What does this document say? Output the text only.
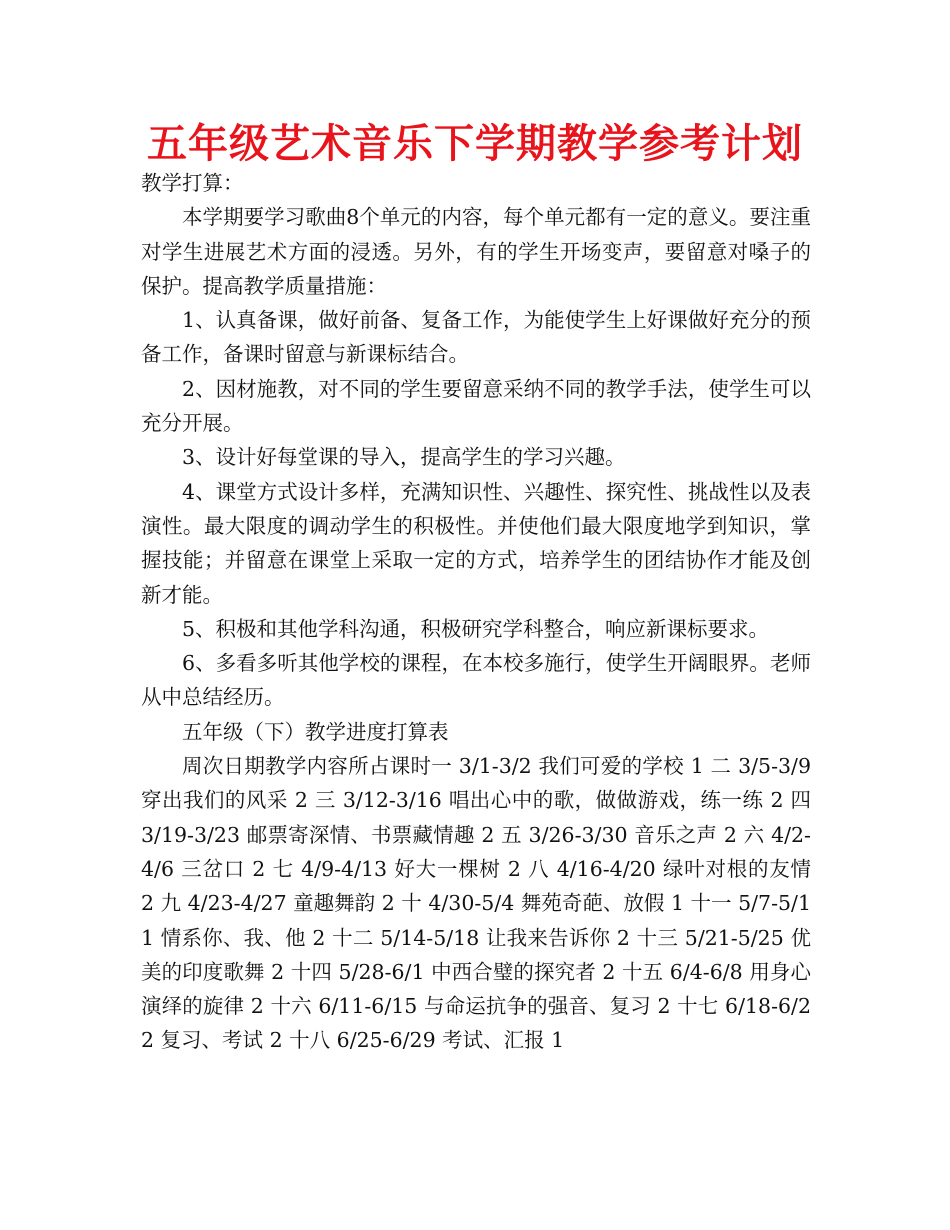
五年级艺术音乐下学期教学参考计划

教学打算：

本学期要学习歌曲8个单元的内容，每个单元都有一定的意义。要注重对学生进展艺术方面的浸透。另外，有的学生开场变声，要留意对嗓子的保护。提高教学质量措施：

1、认真备课，做好前备、复备工作，为能使学生上好课做好充分的预备工作，备课时留意与新课标结合。

2、因材施教，对不同的学生要留意采纳不同的教学手法，使学生可以充分开展。

3、设计好每堂课的导入，提高学生的学习兴趣。

4、课堂方式设计多样，充满知识性、兴趣性、探究性、挑战性以及表演性。最大限度的调动学生的积极性。并使他们最大限度地学到知识，掌握技能；并留意在课堂上采取一定的方式，培养学生的团结协作才能及创新才能。

5、积极和其他学科沟通，积极研究学科整合，响应新课标要求。

6、多看多听其他学校的课程，在本校多施行，使学生开阔眼界。老师从中总结经历。

五年级（下）教学进度打算表

周次日期教学内容所占课时一 3/1-3/2 我们可爱的学校 1 二 3/5-3/9 穿出我们的风采 2 三 3/12-3/16 唱出心中的歌，做做游戏，练一练 2 四 3/19-3/23 邮票寄深情、书票藏情趣 2 五 3/26-3/30 音乐之声 2 六 4/2-4/6 三岔口 2 七 4/9-4/13 好大一棵树 2 八 4/16-4/20 绿叶对根的友情 2 九 4/23-4/27 童趣舞韵 2 十 4/30-5/4 舞苑奇葩、放假 1 十一 5/7-5/11 情系你、我、他 2 十二 5/14-5/18 让我来告诉你 2 十三 5/21-5/25 优美的印度歌舞 2 十四 5/28-6/1 中西合璧的探究者 2 十五 6/4-6/8 用身心演绎的旋律 2 十六 6/11-6/15 与命运抗争的强音、复习 2 十七 6/18-6/22 复习、考试 2 十八 6/25-6/29 考试、汇报 1
